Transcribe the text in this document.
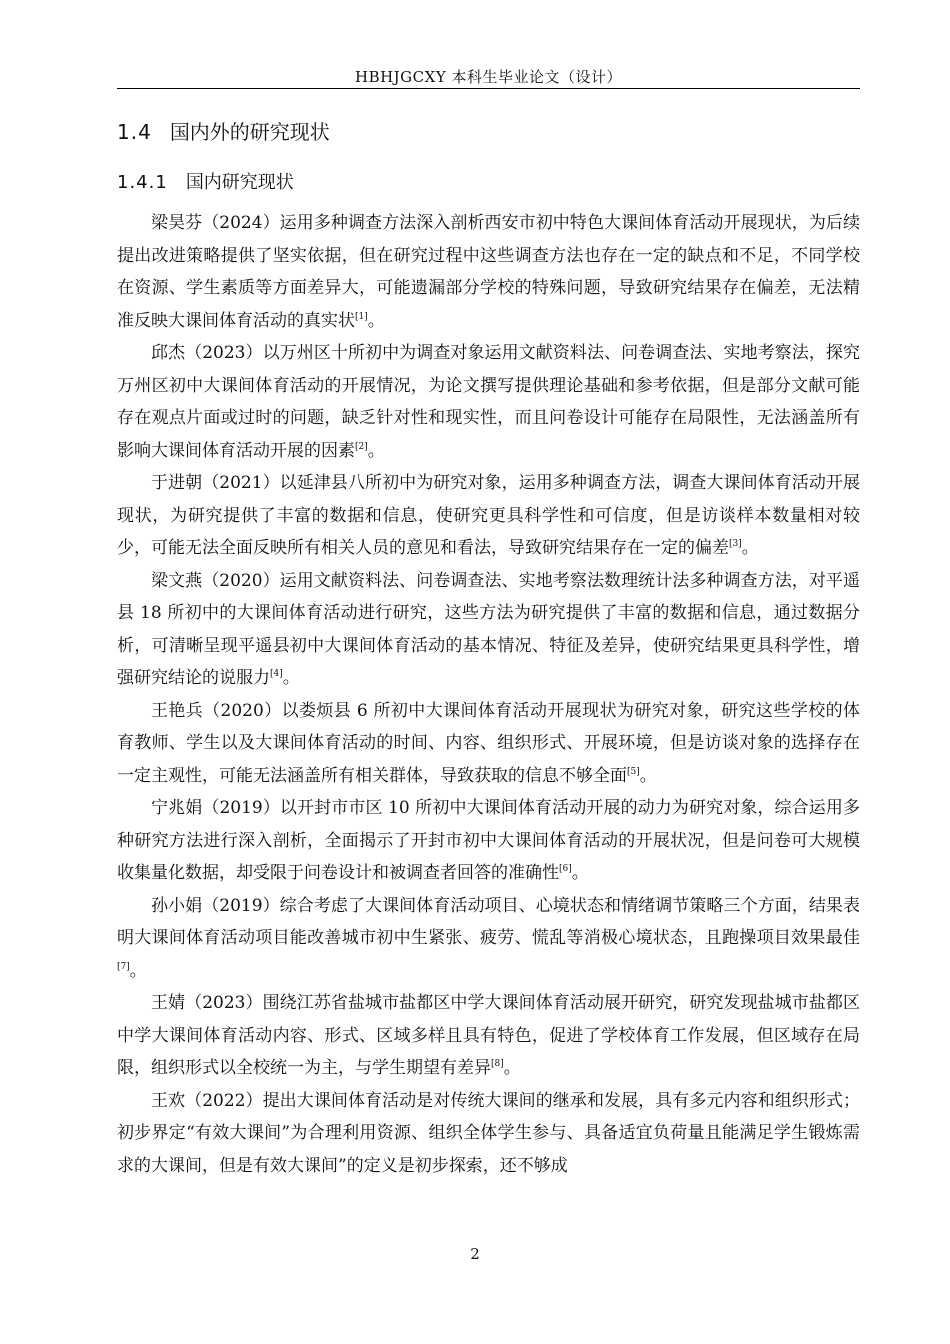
HBHJGCXY 本科生毕业论文（设计）
1.4 国内外的研究现状
1.4.1 国内研究现状

梁昊芬（2024）运用多种调查方法深入剖析西安市初中特色大课间体育活动开展现状，为后续提出改进策略提供了坚实依据，但在研究过程中这些调查方法也存在一定的缺点和不足，不同学校在资源、学生素质等方面差异大，可能遗漏部分学校的特殊问题，导致研究结果存在偏差，无法精准反映大课间体育活动的真实状[1]。

邱杰（2023）以万州区十所初中为调查对象运用文献资料法、问卷调查法、实地考察法，探究万州区初中大课间体育活动的开展情况，为论文撰写提供理论基础和参考依据，但是部分文献可能存在观点片面或过时的问题，缺乏针对性和现实性，而且问卷设计可能存在局限性，无法涵盖所有影响大课间体育活动开展的因素[2]。

于进朝（2021）以延津县八所初中为研究对象，运用多种调查方法，调查大课间体育活动开展现状，为研究提供了丰富的数据和信息，使研究更具科学性和可信度，但是访谈样本数量相对较少，可能无法全面反映所有相关人员的意见和看法，导致研究结果存在一定的偏差[3]。

梁文燕（2020）运用文献资料法、问卷调查法、实地考察法数理统计法多种调查方法，对平遥县 18 所初中的大课间体育活动进行研究，这些方法为研究提供了丰富的数据和信息，通过数据分析，可清晰呈现平遥县初中大课间体育活动的基本情况、特征及差异，使研究结果更具科学性，增强研究结论的说服力[4]。

王艳兵（2020）以娄烦县 6 所初中大课间体育活动开展现状为研究对象，研究这些学校的体育教师、学生以及大课间体育活动的时间、内容、组织形式、开展环境，但是访谈对象的选择存在一定主观性，可能无法涵盖所有相关群体，导致获取的信息不够全面[5]。

宁兆娟（2019）以开封市市区 10 所初中大课间体育活动开展的动力为研究对象，综合运用多种研究方法进行深入剖析，全面揭示了开封市初中大课间体育活动的开展状况，但是问卷可大规模收集量化数据，却受限于问卷设计和被调查者回答的准确性[6]。

孙小娟（2019）综合考虑了大课间体育活动项目、心境状态和情绪调节策略三个方面，结果表明大课间体育活动项目能改善城市初中生紧张、疲劳、慌乱等消极心境状态，且跑操项目效果最佳[7]。

王婧（2023）围绕江苏省盐城市盐都区中学大课间体育活动展开研究，研究发现盐城市盐都区中学大课间体育活动内容、形式、区域多样且具有特色，促进了学校体育工作发展，但区域存在局限，组织形式以全校统一为主，与学生期望有差异[8]。

王欢（2022）提出大课间体育活动是对传统大课间的继承和发展，具有多元内容和组织形式；初步界定“有效大课间”为合理利用资源、组织全体学生参与、具备适宜负荷量且能满足学生锻炼需求的大课间，但是有效大课间”的定义是初步探索，还不够成

2
